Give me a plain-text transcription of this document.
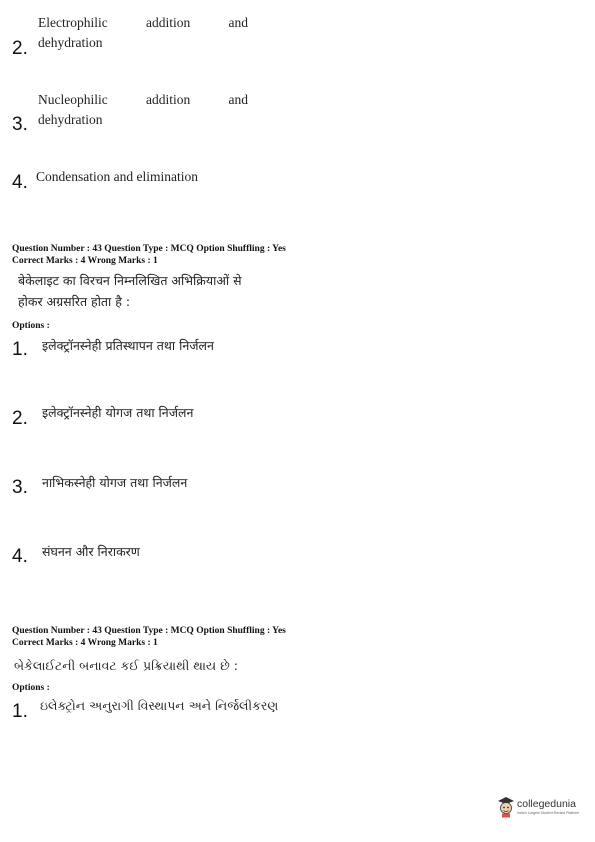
Electrophilic	addition	and
dehydration
2.
Nucleophilic	addition	and
dehydration
3.
Condensation and elimination
4.
Question Number : 43 Question Type : MCQ Option Shuffling : Yes
Correct Marks : 4 Wrong Marks : 1
बेकेलाइट का विरचन निम्नलिखित अभिक्रियाओं से
होकर अग्रसरित होता है :
Options :
1. इलेक्ट्रॉनस्नेही प्रतिस्थापन तथा निर्जलन
2. इलेक्ट्रॉनस्नेही योगज तथा निर्जलन
3. नाभिकस्नेही योगज तथा निर्जलन
4. संघनन और निराकरण
Question Number : 43 Question Type : MCQ Option Shuffling : Yes
Correct Marks : 4 Wrong Marks : 1
બેકેલાઈટની બનાવટ કઈ પ્રક્રિયાથી થાય છે :
Options :
1. ઇલેક્ટ્રોન અનુરાગી વિસ્થાપન અને નિર્જલીકરણ
collegedunia
India's Largest Student Review Platform
